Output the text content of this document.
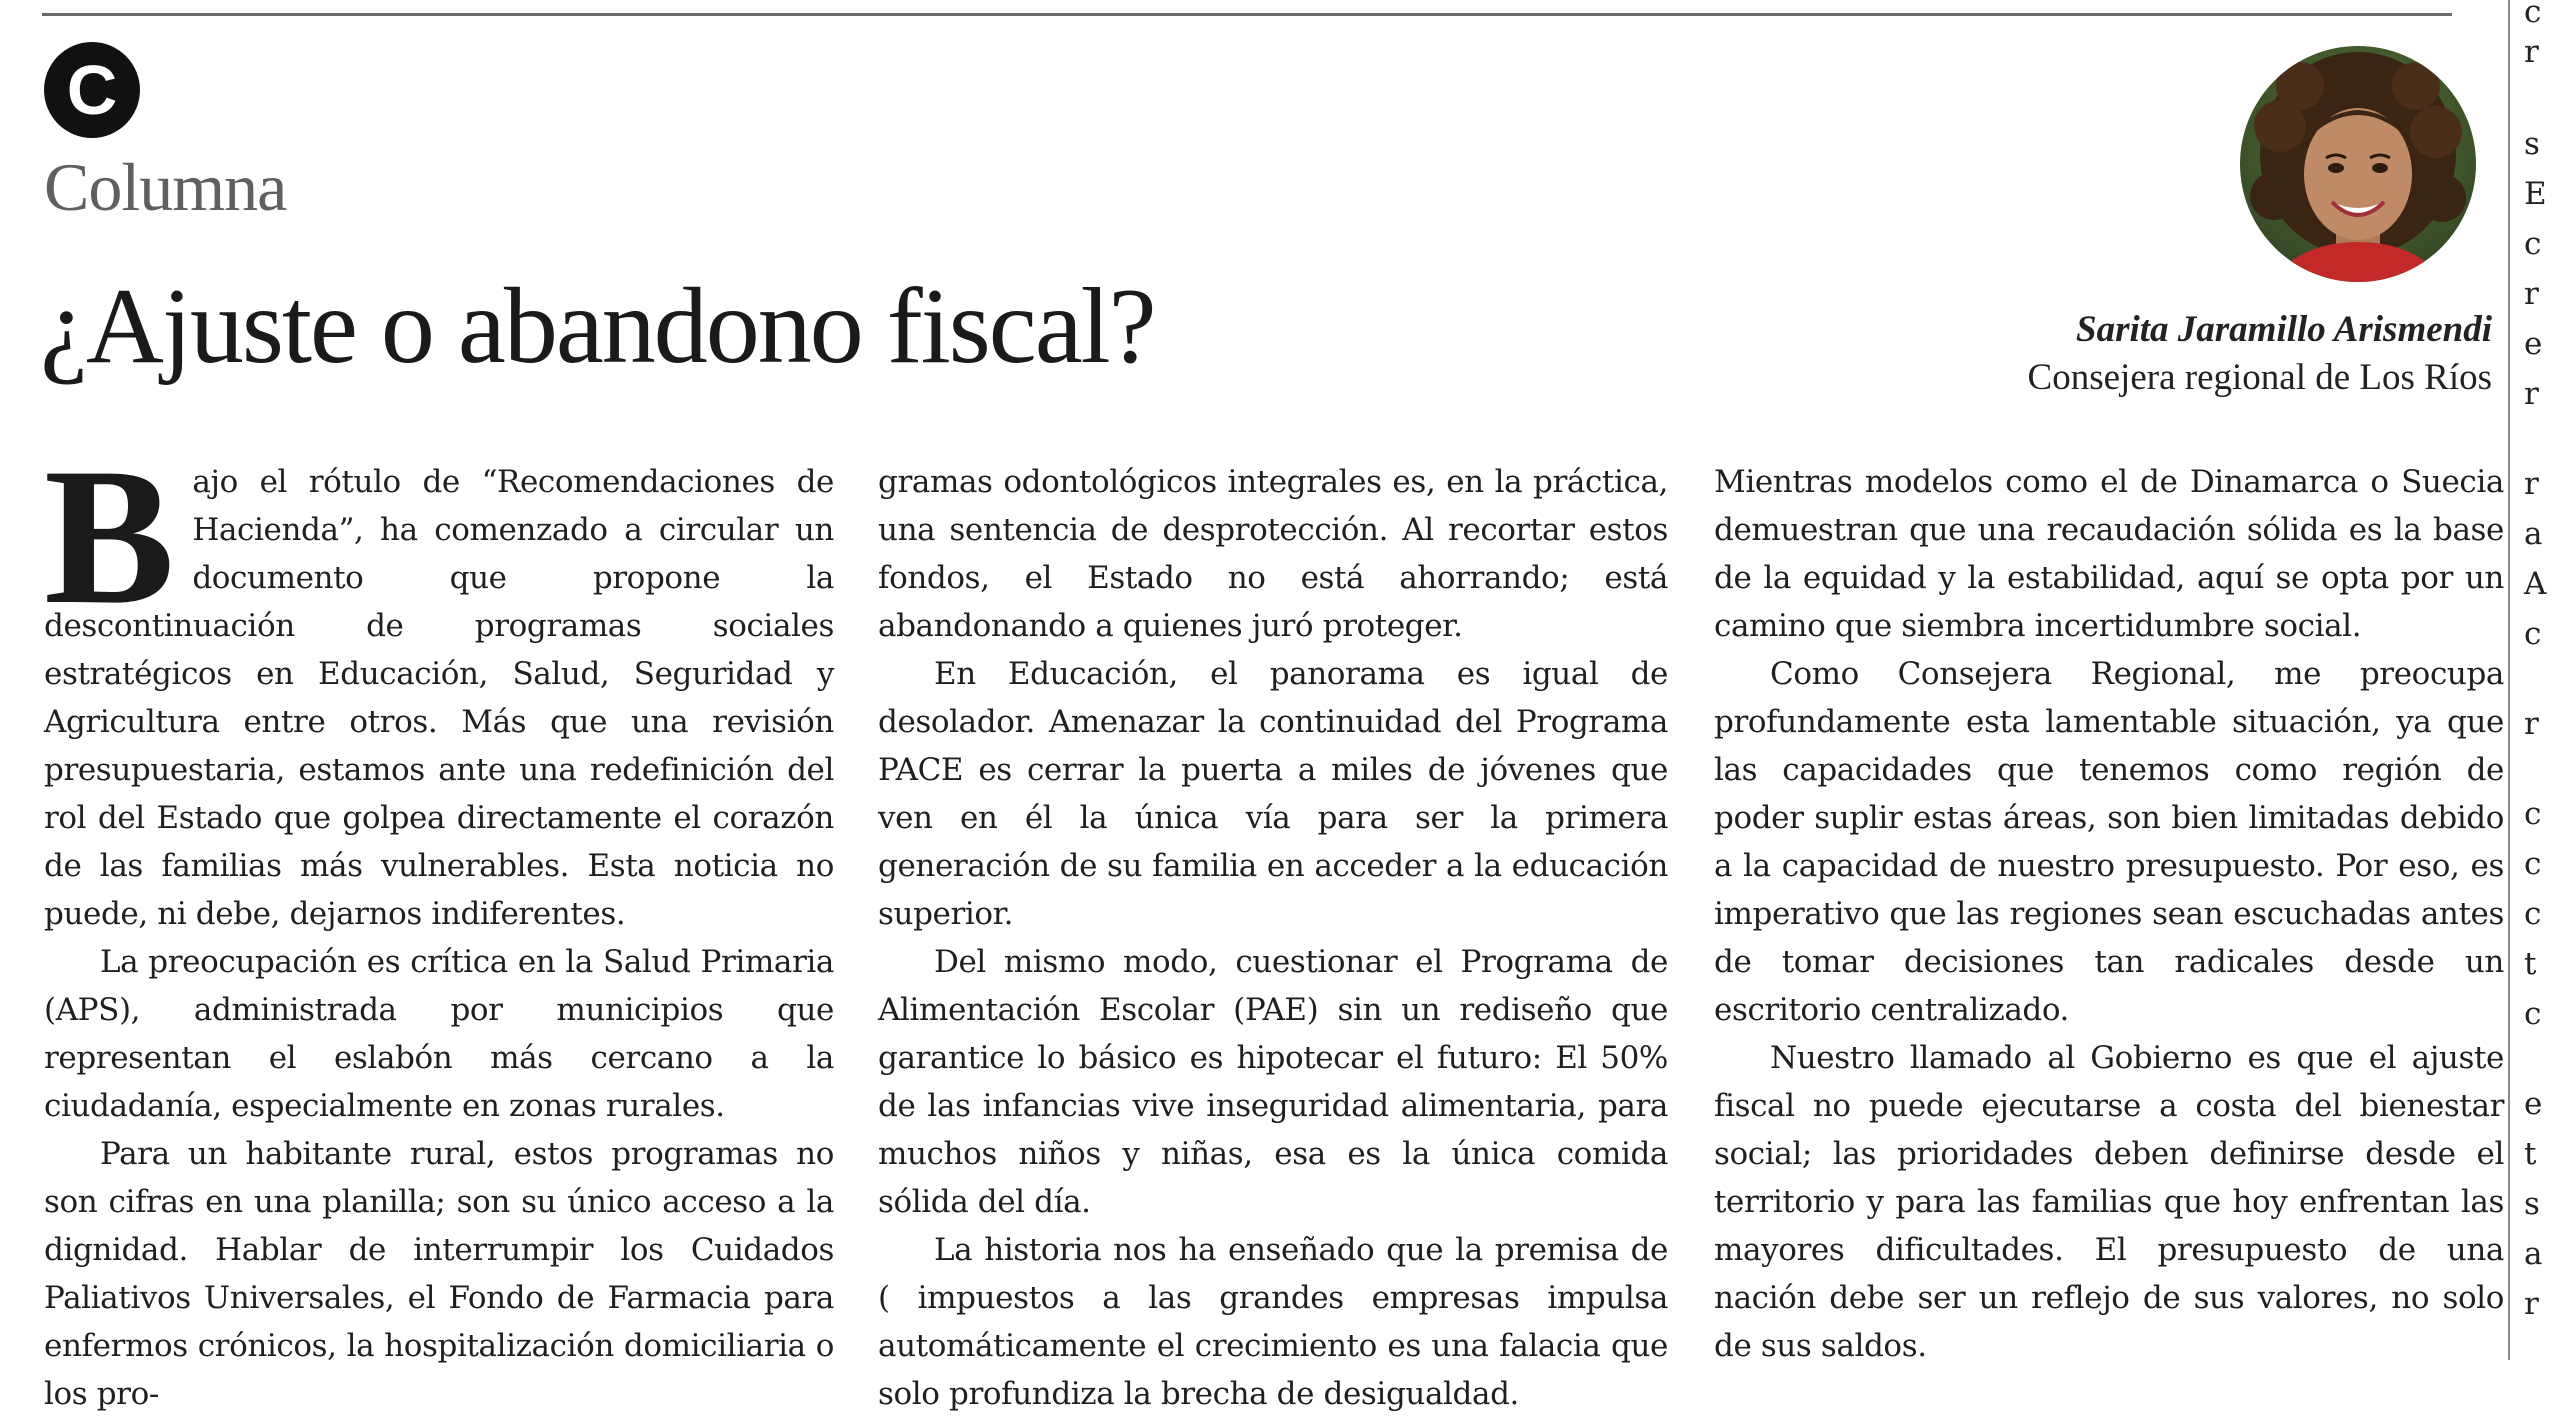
C
Columna
¿Ajuste o abandono fiscal?	Sarita Jaramillo Arismendi
Consejera regional de Los Ríos

Bajo el rótulo de “Recomendaciones de Hacienda”, ha comenzado a circular un documento que propone la descontinuación de programas sociales estratégicos en Educación, Salud, Seguridad y Agricultura entre otros. Más que una revisión presupuestaria, estamos ante una redefinición del rol del Estado que golpea directamente el corazón de las familias más vulnerables. Esta noticia no puede, ni debe, dejarnos indiferentes.

La preocupación es crítica en la Salud Primaria (APS), administrada por municipios que representan el eslabón más cercano a la ciudadanía, especialmente en zonas rurales.

Para un habitante rural, estos programas no son cifras en una planilla; son su único acceso a la dignidad. Hablar de interrumpir los Cuidados Paliativos Universales, el Fondo de Farmacia para enfermos crónicos, la hospitalización domiciliaria o los pro-

gramas odontológicos integrales es, en la práctica, una sentencia de desprotección. Al recortar estos fondos, el Estado no está ahorrando; está abandonando a quienes juró proteger.

En Educación, el panorama es igual de desolador. Amenazar la continuidad del Programa PACE es cerrar la puerta a miles de jóvenes que ven en él la única vía para ser la primera generación de su familia en acceder a la educación superior.

Del mismo modo, cuestionar el Programa de Alimentación Escolar (PAE) sin un rediseño que garantice lo básico es hipotecar el futuro: El 50% de las infancias vive inseguridad alimentaria, para muchos niños y niñas, esa es la única comida sólida del día.

La historia nos ha enseñado que la premisa de ( impuestos a las grandes empresas impulsa automáticamente el crecimiento es una falacia que solo profundiza la brecha de desigualdad.

Mientras modelos como el de Dinamarca o Suecia demuestran que una recaudación sólida es la base de la equidad y la estabilidad, aquí se opta por un camino que siembra incertidumbre social.

Como Consejera Regional, me preocupa profundamente esta lamentable situación, ya que las capacidades que tenemos como región de poder suplir estas áreas, son bien limitadas debido a la capacidad de nuestro presupuesto. Por eso, es imperativo que las regiones sean escuchadas antes de tomar decisiones tan radicales desde un escritorio centralizado.

Nuestro llamado al Gobierno es que el ajuste fiscal no puede ejecutarse a costa del bienestar social; las prioridades deben definirse desde el territorio y para las familias que hoy enfrentan las mayores dificultades. El presupuesto de una nación debe ser un reflejo de sus valores, no solo de sus saldos.

c
r
s
E
c
r
e
r
r
a
A
c
r
c
c
c
t
c
e
t
s
a
r
